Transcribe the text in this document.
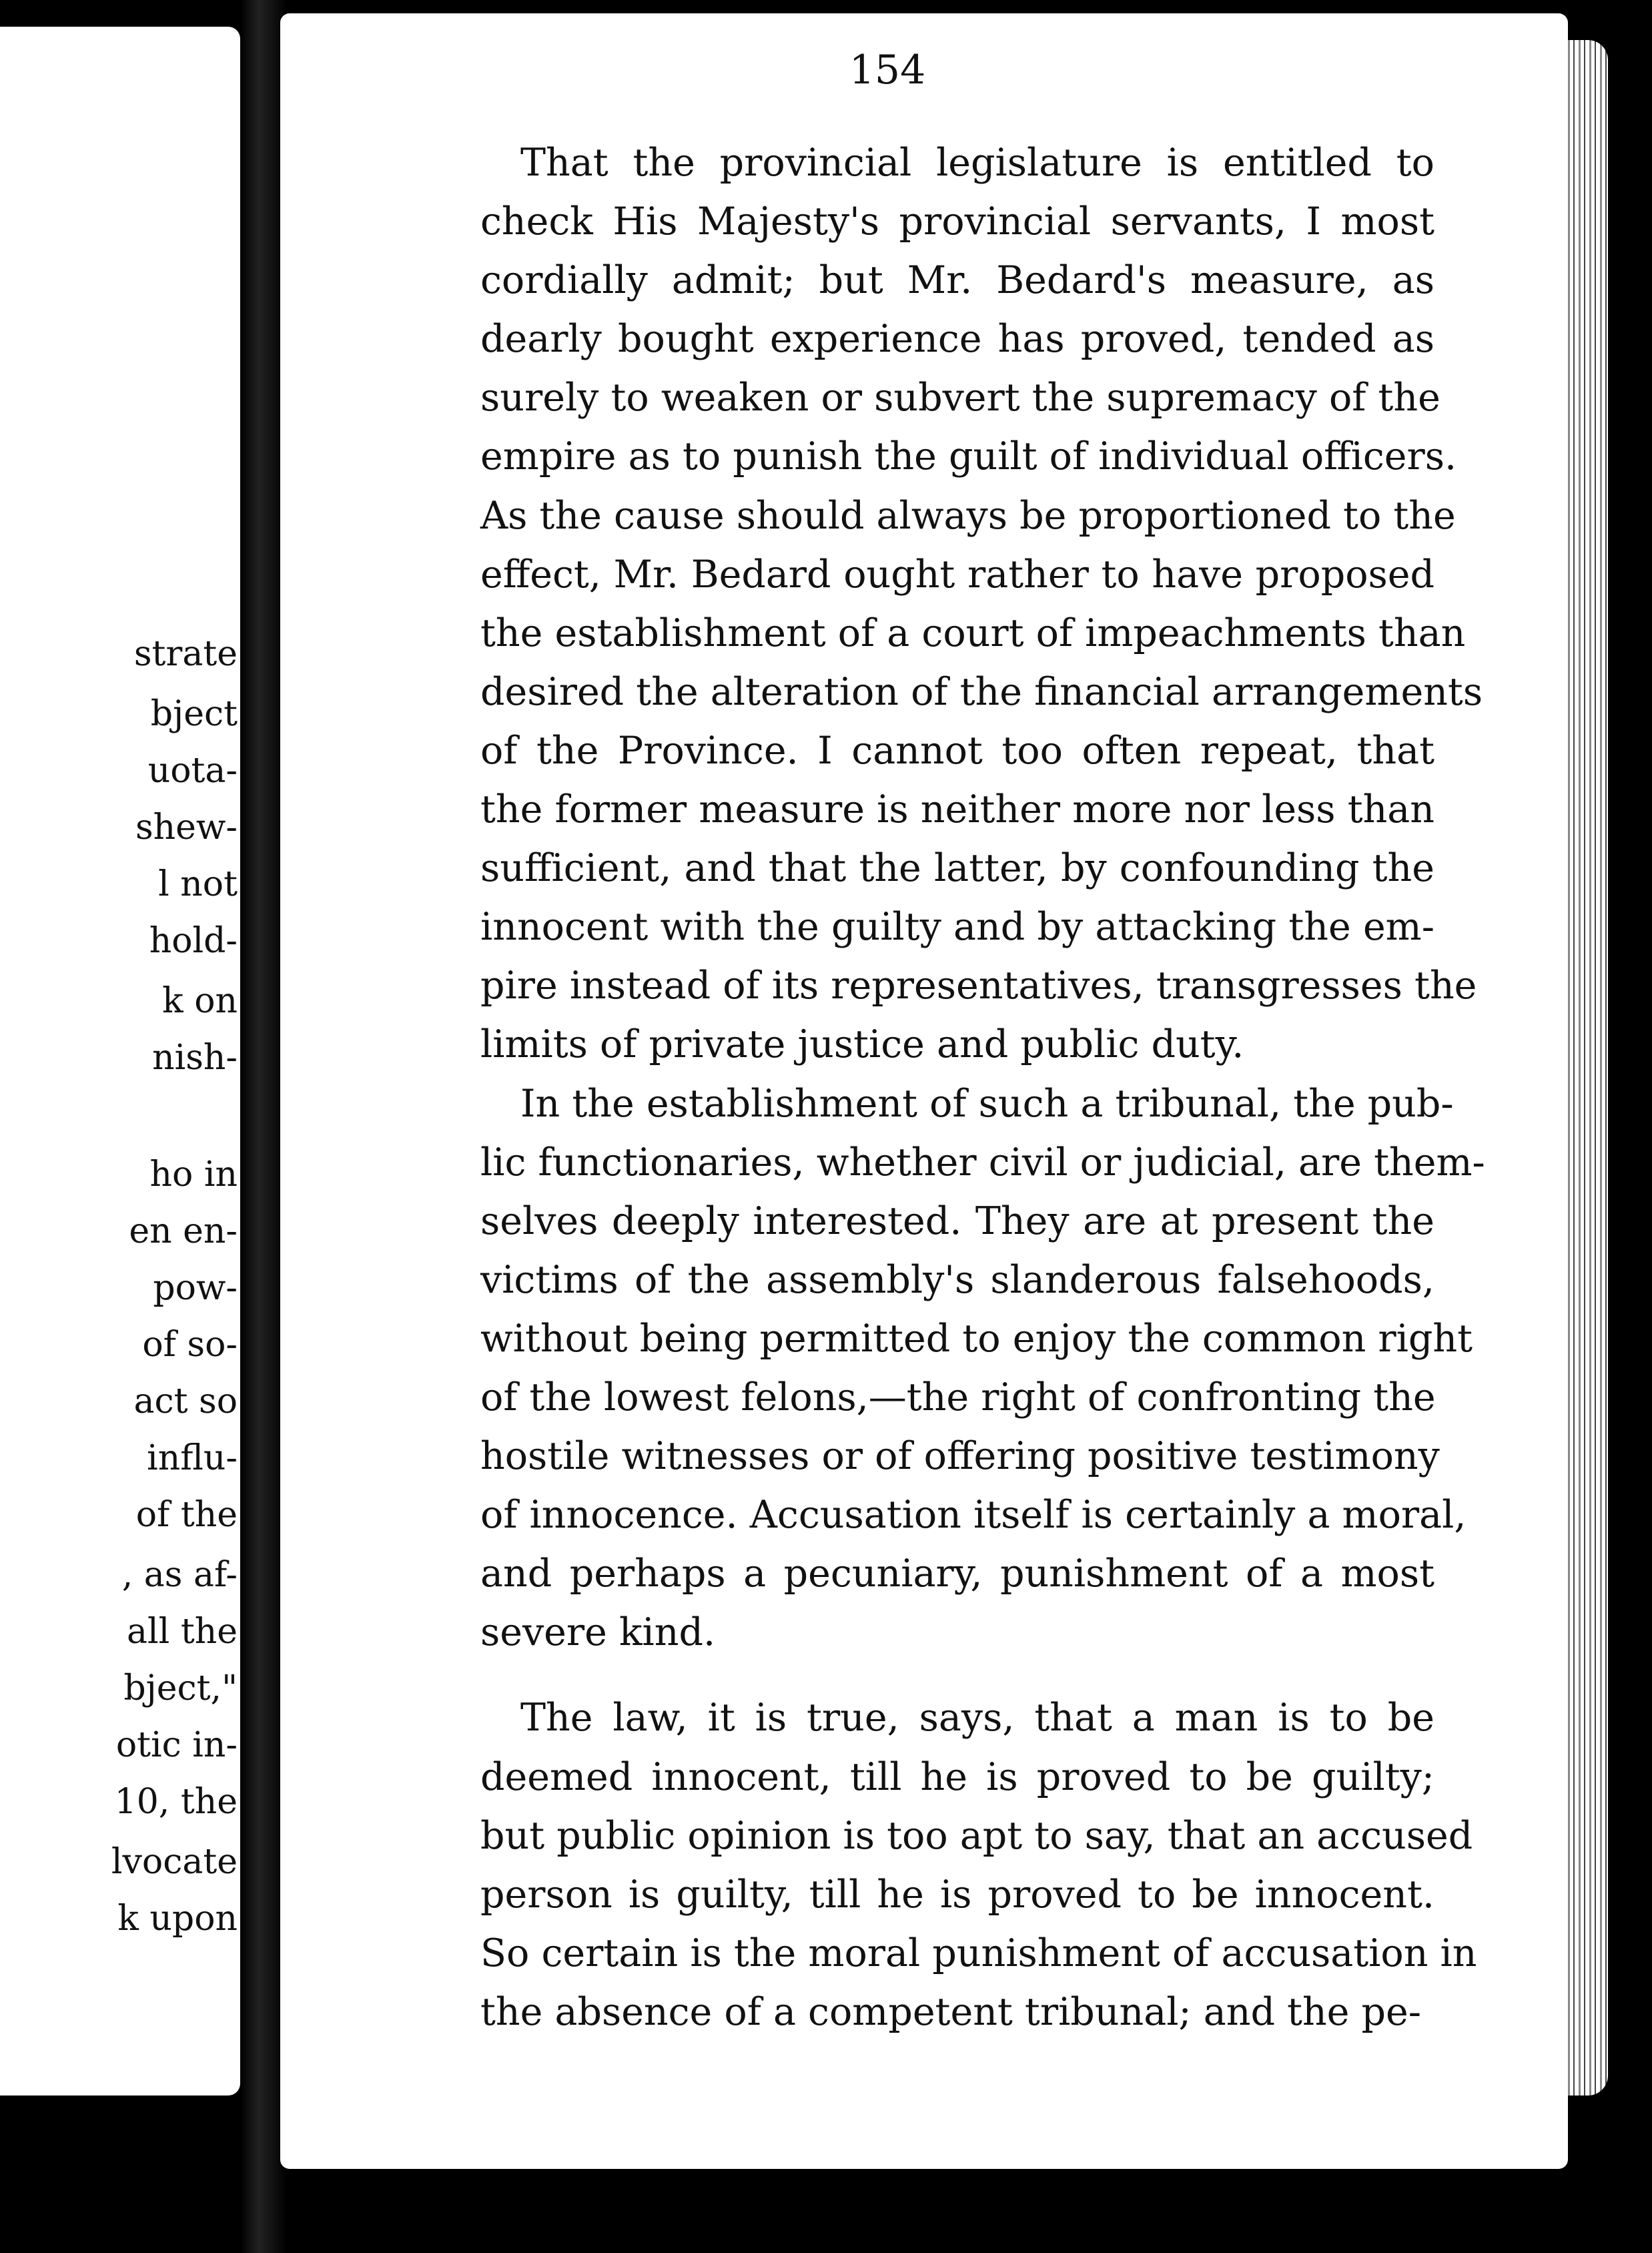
strate
bject
uota-
shew-
l not
hold-
k on
nish-
ho in
en en-
pow-
of so-
act so
influ-
of the
, as af-
all the
bject,"
otic in-
10, the
lvocate
k upon
154
That the provincial legislature is entitled to
check His Majesty's provincial servants, I most
cordially admit; but Mr. Bedard's measure, as
dearly bought experience has proved, tended as
surely to weaken or subvert the supremacy of the
empire as to punish the guilt of individual officers.
As the cause should always be proportioned to the
effect, Mr. Bedard ought rather to have proposed
the establishment of a court of impeachments than
desired the alteration of the financial arrangements
of the Province. I cannot too often repeat, that
the former measure is neither more nor less than
sufficient, and that the latter, by confounding the
innocent with the guilty and by attacking the em-
pire instead of its representatives, transgresses the
limits of private justice and public duty.
In the establishment of such a tribunal, the pub-
lic functionaries, whether civil or judicial, are them-
selves deeply interested. They are at present the
victims of the assembly's slanderous falsehoods,
without being permitted to enjoy the common right
of the lowest felons,—the right of confronting the
hostile witnesses or of offering positive testimony
of innocence. Accusation itself is certainly a moral,
and perhaps a pecuniary, punishment of a most
severe kind.
The law, it is true, says, that a man is to be
deemed innocent, till he is proved to be guilty;
but public opinion is too apt to say, that an accused
person is guilty, till he is proved to be innocent.
So certain is the moral punishment of accusation in
the absence of a competent tribunal; and the pe-
